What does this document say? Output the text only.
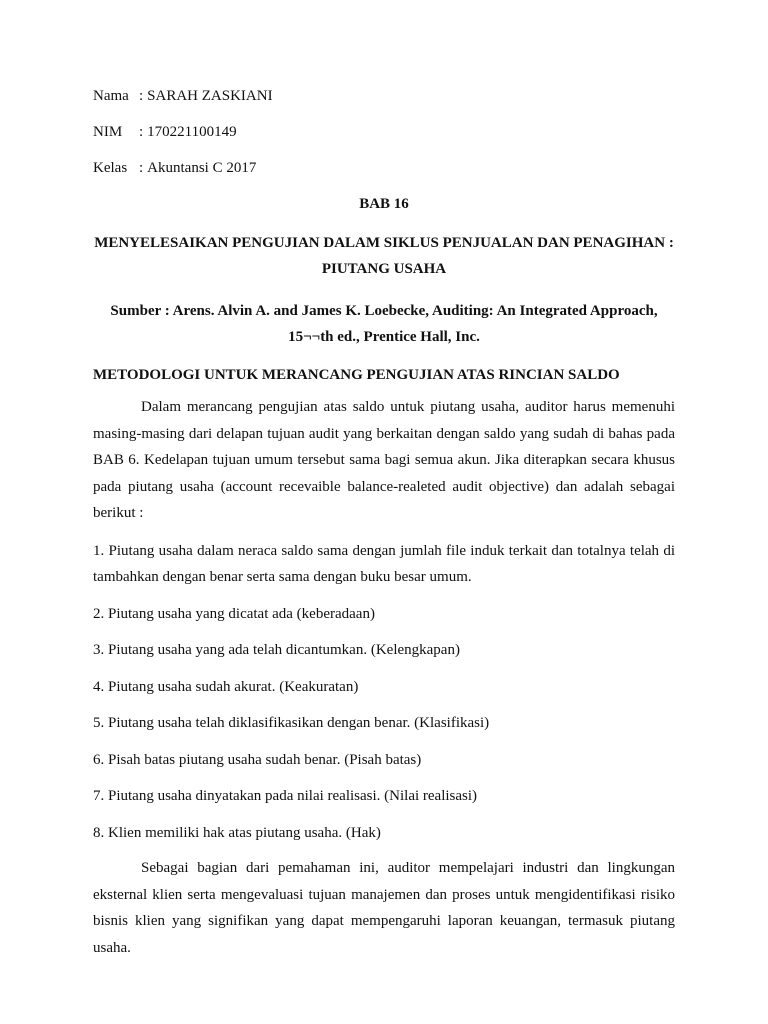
Nama : SARAH ZASKIANI
NIM	: 170221100149
Kelas : Akuntansi C 2017
BAB 16
MENYELESAIKAN PENGUJIAN DALAM SIKLUS PENJUALAN DAN PENAGIHAN : PIUTANG USAHA
Sumber : Arens. Alvin A. and James K. Loebecke, Auditing: An Integrated Approach, 15¬¬th ed., Prentice Hall, Inc.
METODOLOGI UNTUK MERANCANG PENGUJIAN ATAS RINCIAN SALDO

Dalam merancang pengujian atas saldo untuk piutang usaha, auditor harus memenuhi masing-masing dari delapan tujuan audit yang berkaitan dengan saldo yang sudah di bahas pada BAB 6. Kedelapan tujuan umum tersebut sama bagi semua akun. Jika diterapkan secara khusus pada piutang usaha (account recevaible balance-realeted audit objective) dan adalah sebagai berikut :

1. Piutang usaha dalam neraca saldo sama dengan jumlah file induk terkait dan totalnya telah di tambahkan dengan benar serta sama dengan buku besar umum.

2. Piutang usaha yang dicatat ada (keberadaan)

3. Piutang usaha yang ada telah dicantumkan. (Kelengkapan)

4. Piutang usaha sudah akurat. (Keakuratan)

5. Piutang usaha telah diklasifikasikan dengan benar. (Klasifikasi)

6. Pisah batas piutang usaha sudah benar. (Pisah batas)

7. Piutang usaha dinyatakan pada nilai realisasi. (Nilai realisasi)

8. Klien memiliki hak atas piutang usaha. (Hak)

Sebagai bagian dari pemahaman ini, auditor mempelajari industri dan lingkungan eksternal klien serta mengevaluasi tujuan manajemen dan proses untuk mengidentifikasi risiko bisnis klien yang signifikan yang dapat mempengaruhi laporan keuangan, termasuk piutang usaha.
